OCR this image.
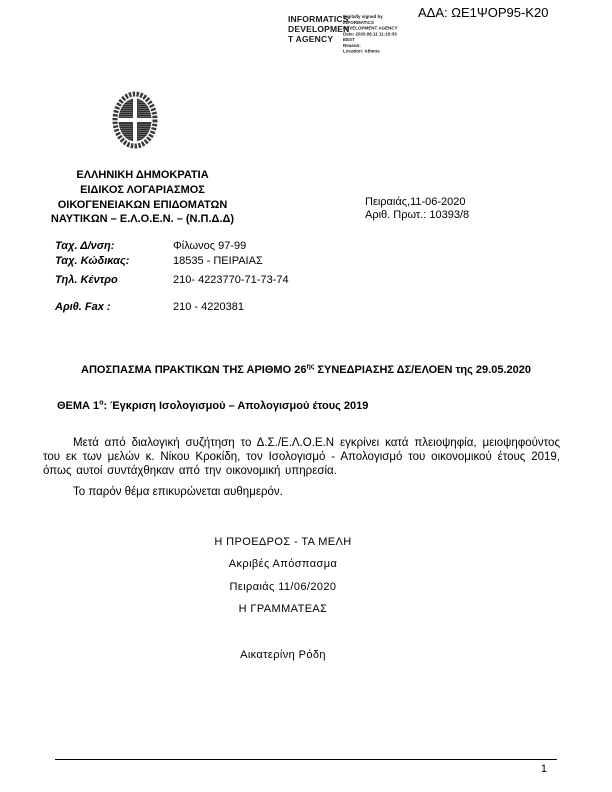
ΑΔΑ: ΩΕ1ΨΟΡ95-Κ20
INFORMATICS
DEVELOPMEN
T AGENCY
Digitally signed by
INFORMATICS
DEVELOPMENT AGENCY
Date: 2020.06.11 11:10:33
EEST
Reason:
Location: Athens
ΕΛΛΗΝΙΚΗ ΔΗΜΟΚΡΑΤΙΑ
ΕΙΔΙΚΟΣ ΛΟΓΑΡΙΑΣΜΟΣ
ΟΙΚΟΓΕΝΕΙΑΚΩΝ ΕΠΙΔΟΜΑΤΩΝ
ΝΑΥΤΙΚΩΝ – Ε.Λ.Ο.Ε.Ν. – (Ν.Π.Δ.Δ)
Πειραιάς,11-06-2020
Αριθ. Πρωτ.: 10393/8
Ταχ. Δ/νση:	Φίλωνος 97-99
Ταχ. Κώδικας:	18535 - ΠΕΙΡΑΙΑΣ
Τηλ. Κέντρο	210- 4223770-71-73-74
Αριθ. Fax :	210 - 4220381
ΑΠΟΣΠΑΣΜΑ ΠΡΑΚΤΙΚΩΝ ΤΗΣ ΑΡΙΘΜΟ $26^{\eta\varsigma}$ ΣΥΝΕΔΡΙΑΣΗΣ ΔΣ/ΕΛΟΕΝ της 29.05.2020
ΘΕΜΑ $1^o$: Έγκριση Ισολογισμού – Απολογισμού έτους 2019
Μετά από διαλογική συζήτηση το Δ.Σ./Ε.Λ.Ο.Ε.Ν εγκρίνει κατά πλειοψηφία, μειοψηφούντος του εκ των μελών κ. Νίκου Κροκίδη, τον Ισολογισμό - Απολογισμό του οικονομικού έτους 2019, όπως αυτοί συντάχθηκαν από την οικονομική υπηρεσία.
Το παρόν θέμα επικυρώνεται αυθημερόν.
Η ΠΡΟΕΔΡΟΣ - ΤΑ ΜΕΛΗ
Ακριβές Απόσπασμα
Πειραιάς 11/06/2020
Η ΓΡΑΜΜΑΤΕΑΣ
Αικατερίνη Ρόδη
1
